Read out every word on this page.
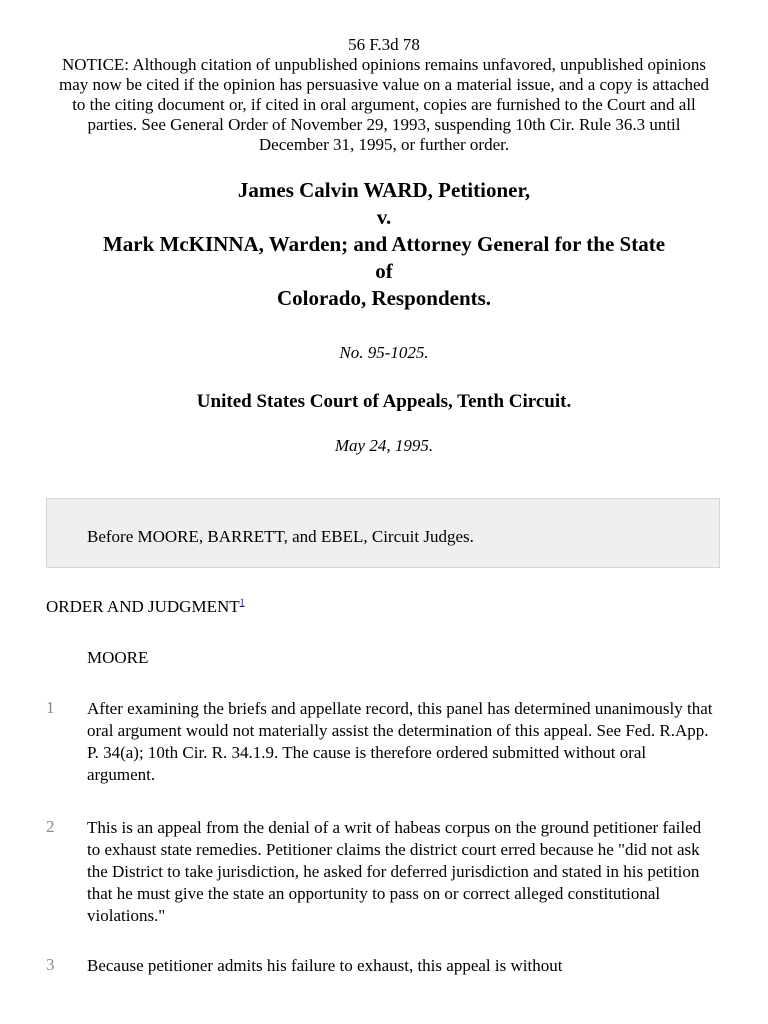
56 F.3d 78
NOTICE: Although citation of unpublished opinions remains unfavored, unpublished opinions may now be cited if the opinion has persuasive value on a material issue, and a copy is attached to the citing document or, if cited in oral argument, copies are furnished to the Court and all parties. See General Order of November 29, 1993, suspending 10th Cir. Rule 36.3 until December 31, 1995, or further order.
James Calvin WARD, Petitioner,
v.
Mark McKINNA, Warden; and Attorney General for the State
of
Colorado, Respondents.
No. 95-1025.
United States Court of Appeals, Tenth Circuit.
May 24, 1995.
Before MOORE, BARRETT, and EBEL, Circuit Judges.
ORDER AND JUDGMENT$^1$
MOORE
1 After examining the briefs and appellate record, this panel has determined unanimously that oral argument would not materially assist the determination of this appeal. See Fed. R.App. P. 34(a); 10th Cir. R. 34.1.9. The cause is therefore ordered submitted without oral argument.
2 This is an appeal from the denial of a writ of habeas corpus on the ground petitioner failed to exhaust state remedies. Petitioner claims the district court erred because he "did not ask the District to take jurisdiction, he asked for deferred jurisdiction and stated in his petition that he must give the state an opportunity to pass on or correct alleged constitutional violations."
3 Because petitioner admits his failure to exhaust, this appeal is without
